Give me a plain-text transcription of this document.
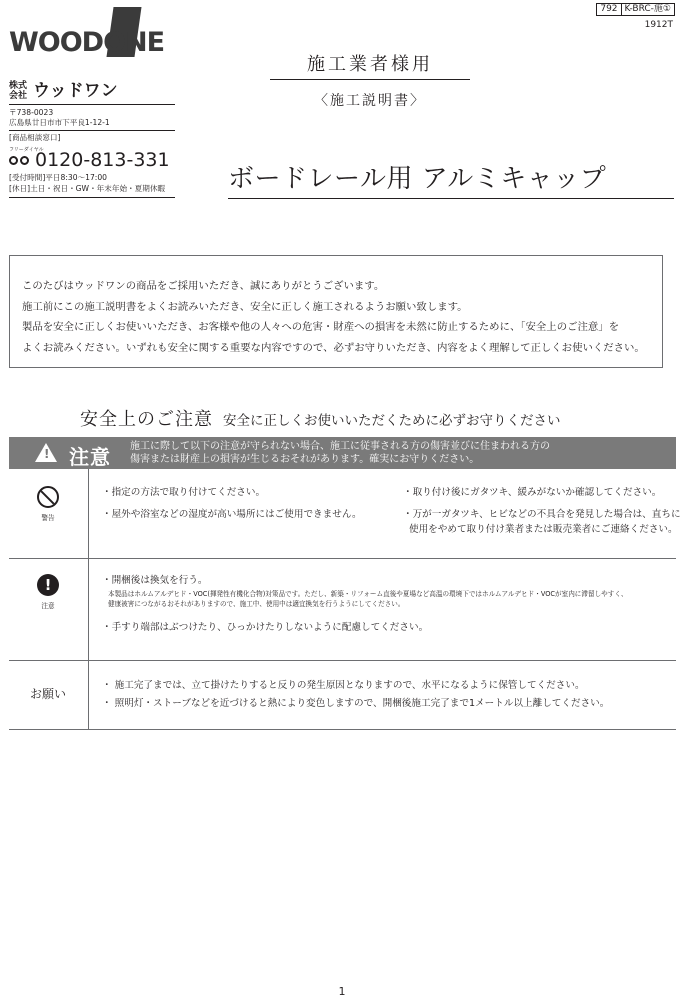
WOODONE
株式会社 ウッドワン
〒738-0023
広島県廿日市市下平良1-12-1
[商品相談窓口]
フリーダイヤル
0120-813-331
[受付時間]平日8:30〜17:00
[休日]土日・祝日・GW・年末年始・夏期休暇
792	K-BRC-施①
1912T
施工業者様用
〈施工説明書〉
ボードレール用 アルミキャップ

このたびはウッドワンの商品をご採用いただき、誠にありがとうございます。

施工前にこの施工説明書をよくお読みいただき、安全に正しく施工されるようお願い致します。

製品を安全に正しくお使いいただき、お客様や他の人々への危害・財産への損害を未然に防止するために、「安全上のご注意」を

よくお読みください。いずれも安全に関する重要な内容ですので、必ずお守りいただき、内容をよく理解して正しくお使いください。

安全上のご注意 安全に正しくお使いいただくために必ずお守りください
! 注意 施工に際して以下の注意が守られない場合、施工に従事される方の傷害並びに住まわれる方の
傷害または財産上の損害が生じるおそれがあります。確実にお守りください。
警告
・指定の方法で取り付けてください。
・屋外や浴室などの湿度が高い場所にはご使用できません。
・取り付け後にガタツキ、緩みがないか確認してください。
・万が一ガタツキ、ヒビなどの不具合を発見した場合は、直ちに
使用をやめて取り付け業者または販売業者にご連絡ください。
!
注意
・開梱後は換気を行う。
本製品はホルムアルデヒド・VOC(揮発性有機化合物)対策品です。ただし、新築・リフォーム直後や夏場など高温の環境下ではホルムアルデヒド・VOCが室内に滞留しやすく、
健康被害につながるおそれがありますので、施工中、使用中は適宜換気を行うようにしてください。
・手すり端部はぶつけたり、ひっかけたりしないように配慮してください。
お願い
・ 施工完了までは、立て掛けたりすると反りの発生原因となりますので、水平になるように保管してください。
・ 照明灯・ストーブなどを近づけると熱により変色しますので、開梱後施工完了まで1メートル以上離してください。
1
